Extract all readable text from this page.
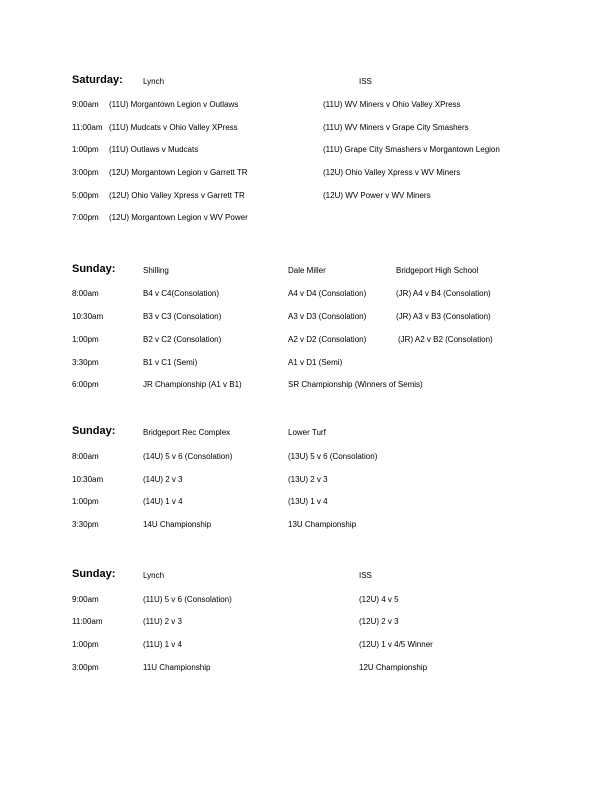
Saturday:	Lynch	ISS
9:00am (11U) Morgantown Legion v Outlaws	(11U) WV Miners v Ohio Valley XPress
11:00am (11U) Mudcats v Ohio Valley XPress	(11U) WV Miners v Grape City Smashers
1:00pm (11U) Outlaws v Mudcats	(11U) Grape City Smashers v Morgantown Legion
3:00pm (12U) Morgantown Legion v Garrett TR	(12U) Ohio Valley Xpress v WV Miners
5:00pm (12U) Ohio Valley Xpress v Garrett TR	(12U) WV Power v WV Miners
7:00pm (12U) Morgantown Legion v WV Power
Sunday:	Shilling	Dale Miller	Bridgeport High School
8:00am	B4 v C4(Consolation)	A4 v D4 (Consolation)	(JR) A4 v B4 (Consolation)
10:30am	B3 v C3 (Consolation)	A3 v D3 (Consolation)	(JR) A3 v B3 (Consolation)
1:00pm	B2 v C2 (Consolation)	A2 v D2 (Consolation)	(JR) A2 v B2 (Consolation)
3:30pm	B1 v C1 (Semi)	A1 v D1 (Semi)
6:00pm	JR Championship (A1 v B1)	SR Championship (Winners of Semis)
Sunday:	Bridgeport Rec Complex	Lower Turf
8:00am	(14U) 5 v 6 (Consolation)	(13U) 5 v 6 (Consolation)
10:30am	(14U) 2 v 3	(13U) 2 v 3
1:00pm	(14U) 1 v 4	(13U) 1 v 4
3:30pm	14U Championship	13U Championship
Sunday:	Lynch	ISS
9:00am	(11U) 5 v 6 (Consolation)	(12U) 4 v 5
11:00am	(11U) 2 v 3	(12U) 2 v 3
1:00pm	(11U) 1 v 4	(12U) 1 v 4/5 Winner
3:00pm	11U Championship	12U Championship
